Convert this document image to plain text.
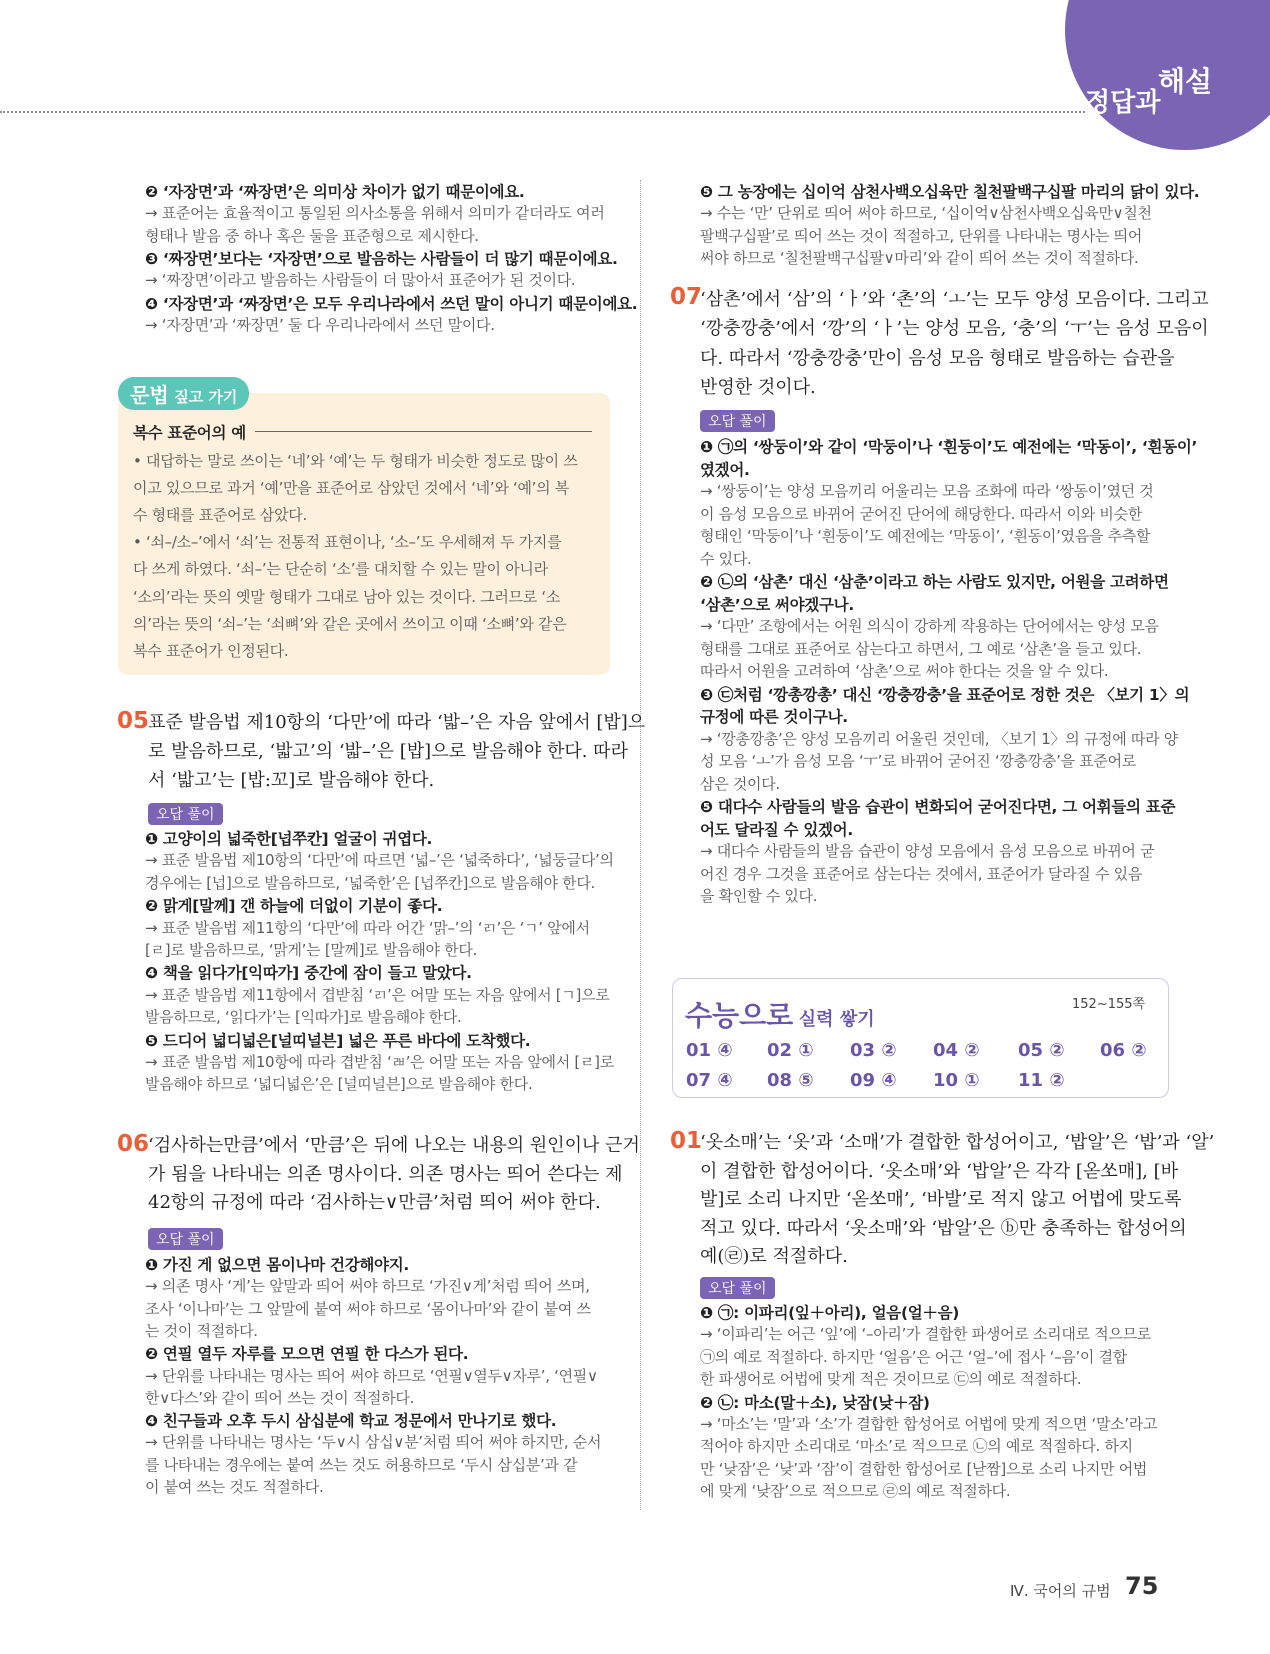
정답과
해설
❷ ‘자장면’과 ‘짜장면’은 의미상 차이가 없기 때문이에요.
→ 표준어는 효율적이고 통일된 의사소통을 위해서 의미가 같더라도 여러
형태나 발음 중 하나 혹은 둘을 표준형으로 제시한다.
❸ ‘짜장면’보다는 ‘자장면’으로 발음하는 사람들이 더 많기 때문이에요.
→ ‘짜장면’이라고 발음하는 사람들이 더 많아서 표준어가 된 것이다.
❹ ‘자장면’과 ‘짜장면’은 모두 우리나라에서 쓰던 말이 아니기 때문이에요.
→ ‘자장면’과 ‘짜장면’ 둘 다 우리나라에서 쓰던 말이다.
문법 짚고 가기
복수 표준어의 예
• 대답하는 말로 쓰이는 ‘네’와 ‘예’는 두 형태가 비슷한 정도로 많이 쓰
이고 있으므로 과거 ‘예’만을 표준어로 삼았던 것에서 ‘네’와 ‘예’의 복
수 형태를 표준어로 삼았다.
• ‘쇠–/소–’에서 ‘쇠’는 전통적 표현이나, ‘소–’도 우세해져 두 가지를
다 쓰게 하였다. ‘쇠–’는 단순히 ‘소’를 대치할 수 있는 말이 아니라
‘소의’라는 뜻의 옛말 형태가 그대로 남아 있는 것이다. 그러므로 ‘소
의’라는 뜻의 ‘쇠–’는 ‘쇠뼈’와 같은 곳에서 쓰이고 이때 ‘소뼈’와 같은
복수 표준어가 인정된다.
05
표준 발음법 제10항의 ‘다만’에 따라 ‘밟–’은 자음 앞에서 [밥]으
로 발음하므로, ‘밟고’의 ‘밟–’은 [밥]으로 발음해야 한다. 따라
서 ‘밟고’는 [밥:꼬]로 발음해야 한다.
오답 풀이
❶ 고양이의 넓죽한[넙쭈칸] 얼굴이 귀엽다.
→ 표준 발음법 제10항의 ‘다만’에 따르면 ‘넓–’은 ‘넓죽하다’, ‘넓둥글다’의
경우에는 [넙]으로 발음하므로, ‘넓죽한’은 [넙쭈칸]으로 발음해야 한다.
❷ 맑게[말께] 갠 하늘에 더없이 기분이 좋다.
→ 표준 발음법 제11항의 ‘다만’에 따라 어간 ‘맑–’의 ‘ㄺ’은 ‘ㄱ’ 앞에서
[ㄹ]로 발음하므로, ‘맑게’는 [말께]로 발음해야 한다.
❹ 책을 읽다가[익따가] 중간에 잠이 들고 말았다.
→ 표준 발음법 제11항에서 겹받침 ‘ㄺ’은 어말 또는 자음 앞에서 [ㄱ]으로
발음하므로, ‘읽다가’는 [익따가]로 발음해야 한다.
❺ 드디어 넓디넓은[널띠널븐] 넓은 푸른 바다에 도착했다.
→ 표준 발음법 제10항에 따라 겹받침 ‘ㄼ’은 어말 또는 자음 앞에서 [ㄹ]로
발음해야 하므로 ‘넓디넓은’은 [널띠널븐]으로 발음해야 한다.
06
‘검사하는만큼’에서 ‘만큼’은 뒤에 나오는 내용의 원인이나 근거
가 됨을 나타내는 의존 명사이다. 의존 명사는 띄어 쓴다는 제
42항의 규정에 따라 ‘검사하는∨만큼’처럼 띄어 써야 한다.
오답 풀이
❶ 가진 게 없으면 몸이나마 건강해야지.
→ 의존 명사 ‘게’는 앞말과 띄어 써야 하므로 ‘가진∨게’처럼 띄어 쓰며,
조사 ‘이나마’는 그 앞말에 붙여 써야 하므로 ‘몸이나마’와 같이 붙여 쓰
는 것이 적절하다.
❷ 연필 열두 자루를 모으면 연필 한 다스가 된다.
→ 단위를 나타내는 명사는 띄어 써야 하므로 ‘연필∨열두∨자루’, ‘연필∨
한∨다스’와 같이 띄어 쓰는 것이 적절하다.
❹ 친구들과 오후 두시 삼십분에 학교 정문에서 만나기로 했다.
→ 단위를 나타내는 명사는 ‘두∨시 삼십∨분’처럼 띄어 써야 하지만, 순서
를 나타내는 경우에는 붙여 쓰는 것도 허용하므로 ‘두시 삼십분’과 같
이 붙여 쓰는 것도 적절하다.
❺ 그 농장에는 십이억 삼천사백오십육만 칠천팔백구십팔 마리의 닭이 있다.
→ 수는 ‘만’ 단위로 띄어 써야 하므로, ‘십이억∨삼천사백오십육만∨칠천
팔백구십팔’로 띄어 쓰는 것이 적절하고, 단위를 나타내는 명사는 띄어
써야 하므로 ‘칠천팔백구십팔∨마리’와 같이 띄어 쓰는 것이 적절하다.
07
‘삼촌’에서 ‘삼’의 ‘ㅏ’와 ‘촌’의 ‘ㅗ’는 모두 양성 모음이다. 그리고
‘깡충깡충’에서 ‘깡’의 ‘ㅏ’는 양성 모음, ‘충’의 ‘ㅜ’는 음성 모음이
다. 따라서 ‘깡충깡충’만이 음성 모음 형태로 발음하는 습관을
반영한 것이다.
오답 풀이
❶ ㉠의 ‘쌍둥이’와 같이 ‘막둥이’나 ‘흰둥이’도 예전에는 ‘막동이’, ‘흰동이’
였겠어.
→ ‘쌍둥이’는 양성 모음끼리 어울리는 모음 조화에 따라 ‘쌍동이’였던 것
이 음성 모음으로 바뀌어 굳어진 단어에 해당한다. 따라서 이와 비슷한
형태인 ‘막둥이’나 ‘흰둥이’도 예전에는 ‘막동이’, ‘흰동이’였음을 추측할
수 있다.
❷ ㉡의 ‘삼촌’ 대신 ‘삼춘’이라고 하는 사람도 있지만, 어원을 고려하면
‘삼촌’으로 써야겠구나.
→ ‘다만’ 조항에서는 어원 의식이 강하게 작용하는 단어에서는 양성 모음
형태를 그대로 표준어로 삼는다고 하면서, 그 예로 ‘삼촌’을 들고 있다.
따라서 어원을 고려하여 ‘삼촌’으로 써야 한다는 것을 알 수 있다.
❸ ㉢처럼 ‘깡총깡총’ 대신 ‘깡충깡충’을 표준어로 정한 것은 〈보기 1〉의
규정에 따른 것이구나.
→ ‘깡총깡총’은 양성 모음끼리 어울린 것인데, 〈보기 1〉의 규정에 따라 양
성 모음 ‘ㅗ’가 음성 모음 ‘ㅜ’로 바뀌어 굳어진 ‘깡충깡충’을 표준어로
삼은 것이다.
❺ 대다수 사람들의 발음 습관이 변화되어 굳어진다면, 그 어휘들의 표준
어도 달라질 수 있겠어.
→ 대다수 사람들의 발음 습관이 양성 모음에서 음성 모음으로 바뀌어 굳
어진 경우 그것을 표준어로 삼는다는 것에서, 표준어가 달라질 수 있음
을 확인할 수 있다.
수능으로 실력 쌓기
152~155쪽
01 ④ 02 ① 03 ② 04 ② 05 ② 06 ②
07 ④ 08 ⑤ 09 ④ 10 ① 11 ②
01
‘옷소매’는 ‘옷’과 ‘소매’가 결합한 합성어이고, ‘밥알’은 ‘밥’과 ‘알’
이 결합한 합성어이다. ‘옷소매’와 ‘밥알’은 각각 [옫쏘매], [바
발]로 소리 나지만 ‘옫쏘매’, ‘바발’로 적지 않고 어법에 맞도록
적고 있다. 따라서 ‘옷소매’와 ‘밥알’은 ⓑ만 충족하는 합성어의
예(㉣)로 적절하다.
오답 풀이
❶ ㉠: 이파리(잎＋아리), 얼음(얼＋음)
→ ‘이파리’는 어근 ‘잎’에 ‘–아리’가 결합한 파생어로 소리대로 적으므로
㉠의 예로 적절하다. 하지만 ‘얼음’은 어근 ‘얼–’에 접사 ‘–음’이 결합
한 파생어로 어법에 맞게 적은 것이므로 ㉢의 예로 적절하다.
❷ ㉡: 마소(말＋소), 낮잠(낮＋잠)
→ ‘마소’는 ‘말’과 ‘소’가 결합한 합성어로 어법에 맞게 적으면 ‘말소’라고
적어야 하지만 소리대로 ‘마소’로 적으므로 ㉡의 예로 적절하다. 하지
만 ‘낮잠’은 ‘낮’과 ‘잠’이 결합한 합성어로 [낟짬]으로 소리 나지만 어법
에 맞게 ‘낮잠’으로 적으므로 ㉣의 예로 적절하다.
Ⅳ. 국어의 규범 75
